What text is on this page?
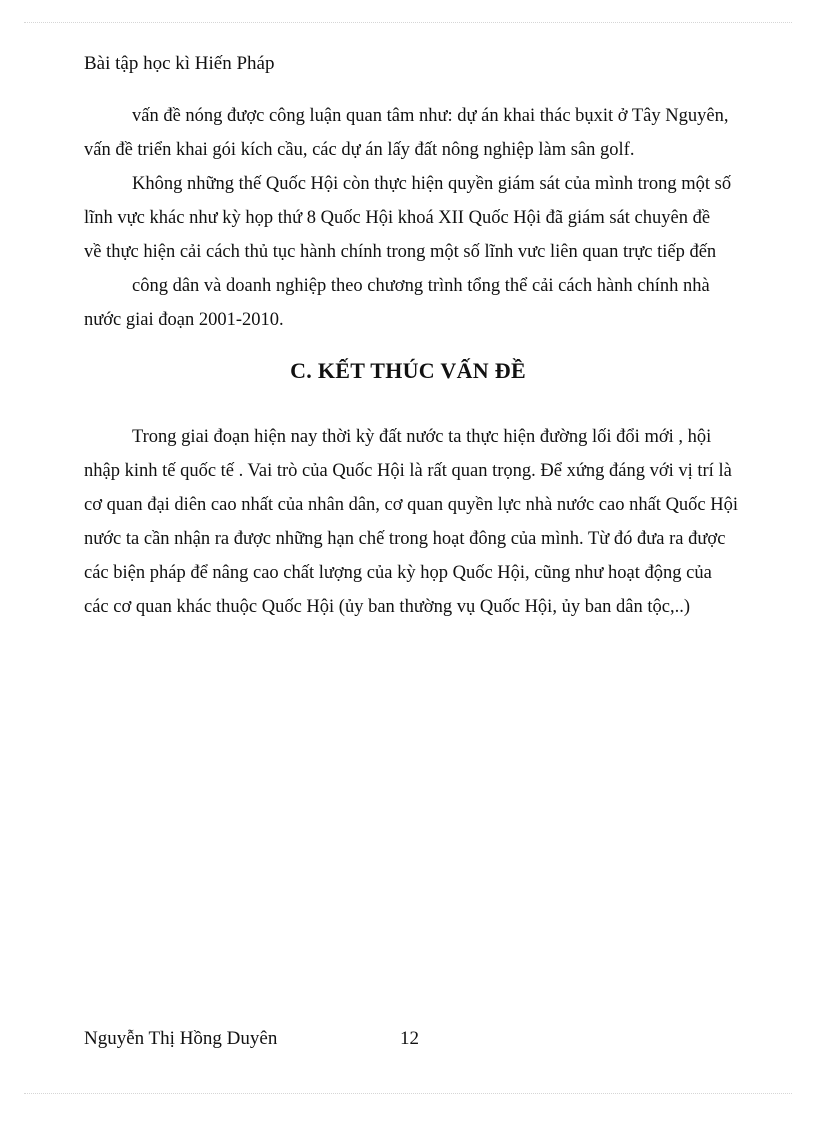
Bài tập học kì Hiến Pháp
vấn đề nóng được công luận quan tâm như: dự án khai thác bụxit ở Tây Nguyên,
vấn đề triển khai gói kích cầu, các dự án lấy đất nông nghiệp làm sân golf.
Không những thế Quốc Hội còn thực hiện quyền giám sát của mình trong một số
lĩnh vực khác như kỳ họp thứ 8 Quốc Hội khoá XII Quốc Hội đã giám sát chuyên đề
về thực hiện cải cách thủ tục hành chính trong một số lĩnh vưc liên quan trực tiếp đến
công dân và doanh nghiệp theo chương trình tổng thể cải cách hành chính nhà
nước giai đoạn 2001-2010.
C. KẾT THÚC VẤN ĐỀ
Trong giai đoạn hiện nay thời kỳ đất nước ta thực hiện đường lối đổi mới , hội
nhập kinh tế quốc tế . Vai trò của Quốc Hội là rất quan trọng. Để xứng đáng với vị trí là
cơ quan đại diên cao nhất của nhân dân, cơ quan quyền lực nhà nước cao nhất Quốc Hội
nước ta cần nhận ra được những hạn chế trong hoạt đông của mình. Từ đó đưa ra được
các biện pháp để nâng cao chất lượng của kỳ họp Quốc Hội, cũng như hoạt động của
các cơ quan khác thuộc Quốc Hội (ủy ban thường vụ Quốc Hội, ủy ban dân tộc,..)
Nguyễn Thị Hồng Duyên	12
